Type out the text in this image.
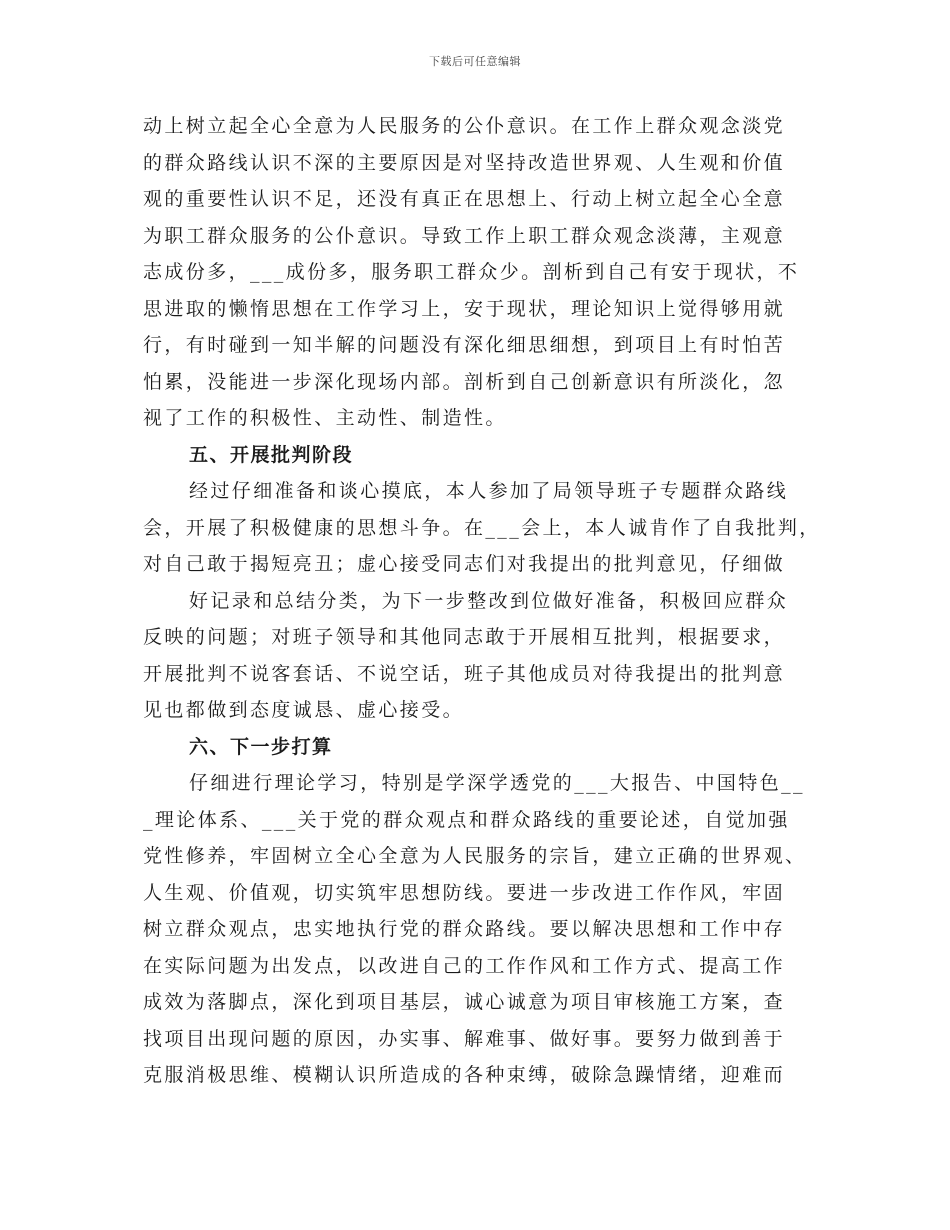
下载后可任意编辑
动上树立起全心全意为人民服务的公仆意识。在工作上群众观念淡党
的群众路线认识不深的主要原因是对坚持改造世界观、人生观和价值
观的重要性认识不足，还没有真正在思想上、行动上树立起全心全意
为职工群众服务的公仆意识。导致工作上职工群众观念淡薄，主观意
志成份多，___成份多，服务职工群众少。剖析到自己有安于现状，不
思进取的懒惰思想在工作学习上，安于现状，理论知识上觉得够用就
行，有时碰到一知半解的问题没有深化细思细想，到项目上有时怕苦
怕累，没能进一步深化现场内部。剖析到自己创新意识有所淡化，忽
视了工作的积极性、主动性、制造性。
五、开展批判阶段
经过仔细准备和谈心摸底，本人参加了局领导班子专题群众路线
会，开展了积极健康的思想斗争。在___会上，本人诚肯作了自我批判，
对自己敢于揭短亮丑；虚心接受同志们对我提出的批判意见，仔细做
好记录和总结分类，为下一步整改到位做好准备，积极回应群众
反映的问题；对班子领导和其他同志敢于开展相互批判，根据要求，
开展批判不说客套话、不说空话，班子其他成员对待我提出的批判意
见也都做到态度诚恳、虚心接受。
六、下一步打算
仔细进行理论学习，特别是学深学透党的___大报告、中国特色__
_理论体系、___关于党的群众观点和群众路线的重要论述，自觉加强
党性修养，牢固树立全心全意为人民服务的宗旨，建立正确的世界观、
人生观、价值观，切实筑牢思想防线。要进一步改进工作作风，牢固
树立群众观点，忠实地执行党的群众路线。要以解决思想和工作中存
在实际问题为出发点，以改进自己的工作作风和工作方式、提高工作
成效为落脚点，深化到项目基层，诚心诚意为项目审核施工方案，查
找项目出现问题的原因，办实事、解难事、做好事。要努力做到善于
克服消极思维、模糊认识所造成的各种束缚，破除急躁情绪，迎难而
